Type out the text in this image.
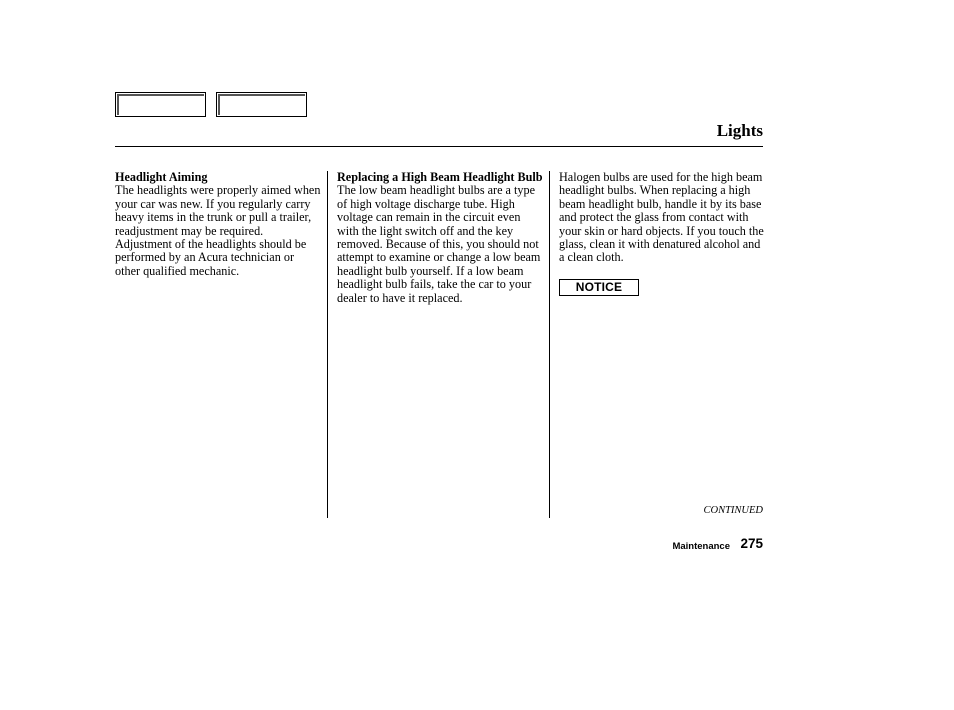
Lights
Headlight Aiming

The headlights were properly aimed when your car was new. If you regularly carry heavy items in the trunk or pull a trailer, readjustment may be required. Adjustment of the headlights should be performed by an Acura technician or other qualified mechanic.

Replacing a High Beam Headlight Bulb

The low beam headlight bulbs are a type of high voltage discharge tube. High voltage can remain in the circuit even with the light switch off and the key removed. Because of this, you should not attempt to examine or change a low beam headlight bulb yourself. If a low beam headlight bulb fails, take the car to your dealer to have it replaced.

Halogen bulbs are used for the high beam headlight bulbs. When replacing a high beam headlight bulb, handle it by its base and protect the glass from contact with your skin or hard objects. If you touch the glass, clean it with denatured alcohol and a clean cloth.

NOTICE
CONTINUED
Maintenance 275
